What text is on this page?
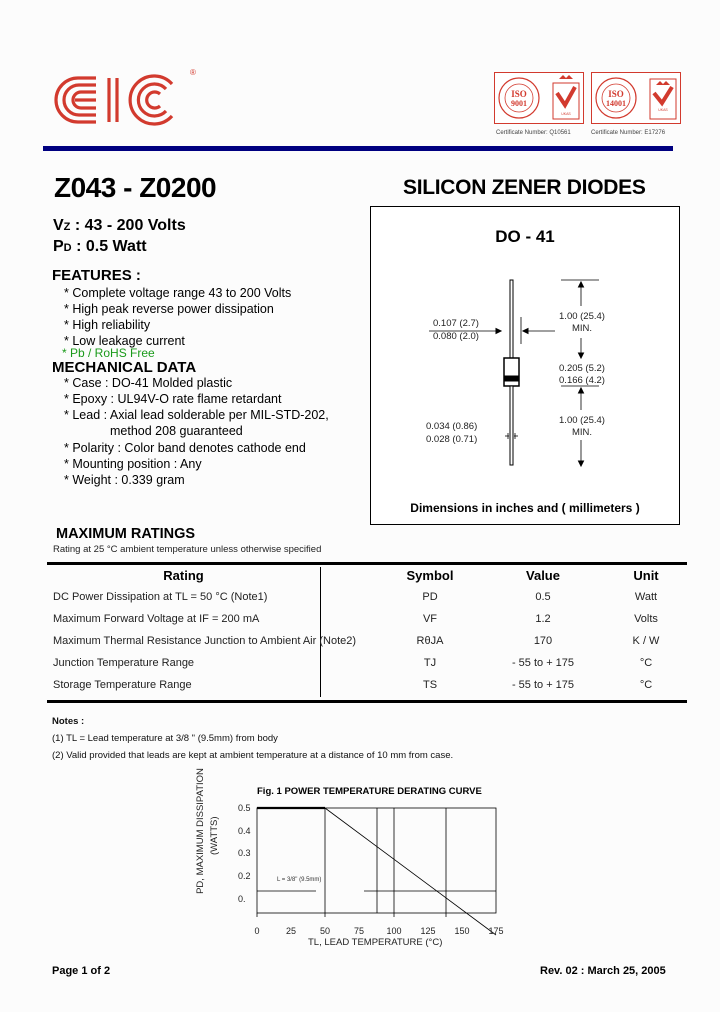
®
ISO
9001
UKAS
Certificate Number: Q10561
ISO
14001
UKAS
Certificate Number: E17276
Z043 - Z0200	SILICON ZENER DIODES
VZ : 43 - 200 Volts
PD : 0.5 Watt
FEATURES :
* Complete voltage range 43 to 200 Volts
* High peak reverse power dissipation
* High reliability
* Low leakage current
* Pb / RoHS Free
MECHANICAL DATA
* Case : DO-41 Molded plastic
* Epoxy : UL94V-O rate flame retardant
* Lead : Axial lead solderable per MIL-STD-202,
method 208 guaranteed
* Polarity : Color band denotes cathode end
* Mounting position : Any
* Weight : 0.339 gram
DO - 41
0.107 (2.7)
0.080 (2.0)
1.00 (25.4)
MIN.
0.205 (5.2)
0.166 (4.2)
1.00 (25.4)
MIN.
0.034 (0.86)
0.028 (0.71)
Dimensions in inches and ( millimeters )
MAXIMUM RATINGS
Rating at 25 °C ambient temperature unless otherwise specified
Rating	Symbol	Value	Unit
DC Power Dissipation at TL = 50 °C (Note1)	PD	0.5	Watt
Maximum Forward Voltage at IF = 200 mA	VF	1.2	Volts
Maximum Thermal Resistance Junction to Ambient Air (Note2)	RθJA	170	K / W
Junction Temperature Range	TJ	- 55 to + 175	°C
Storage Temperature Range	TS	- 55 to + 175	°C
Notes :
(1) TL = Lead temperature at 3/8 " (9.5mm) from body
(2) Valid provided that leads are kept at ambient temperature at a distance of 10 mm from case.
Fig. 1 POWER TEMPERATURE DERATING CURVE
0.5
0.4
0.3
0.2
0.
0	25	50	75 100 125 150 175
PD, MAXIMUM DISSIPATION (WATTS)
L = 3/8" (9.5mm)
TL, LEAD TEMPERATURE (°C)
Page 1 of 2	Rev. 02 : March 25, 2005
